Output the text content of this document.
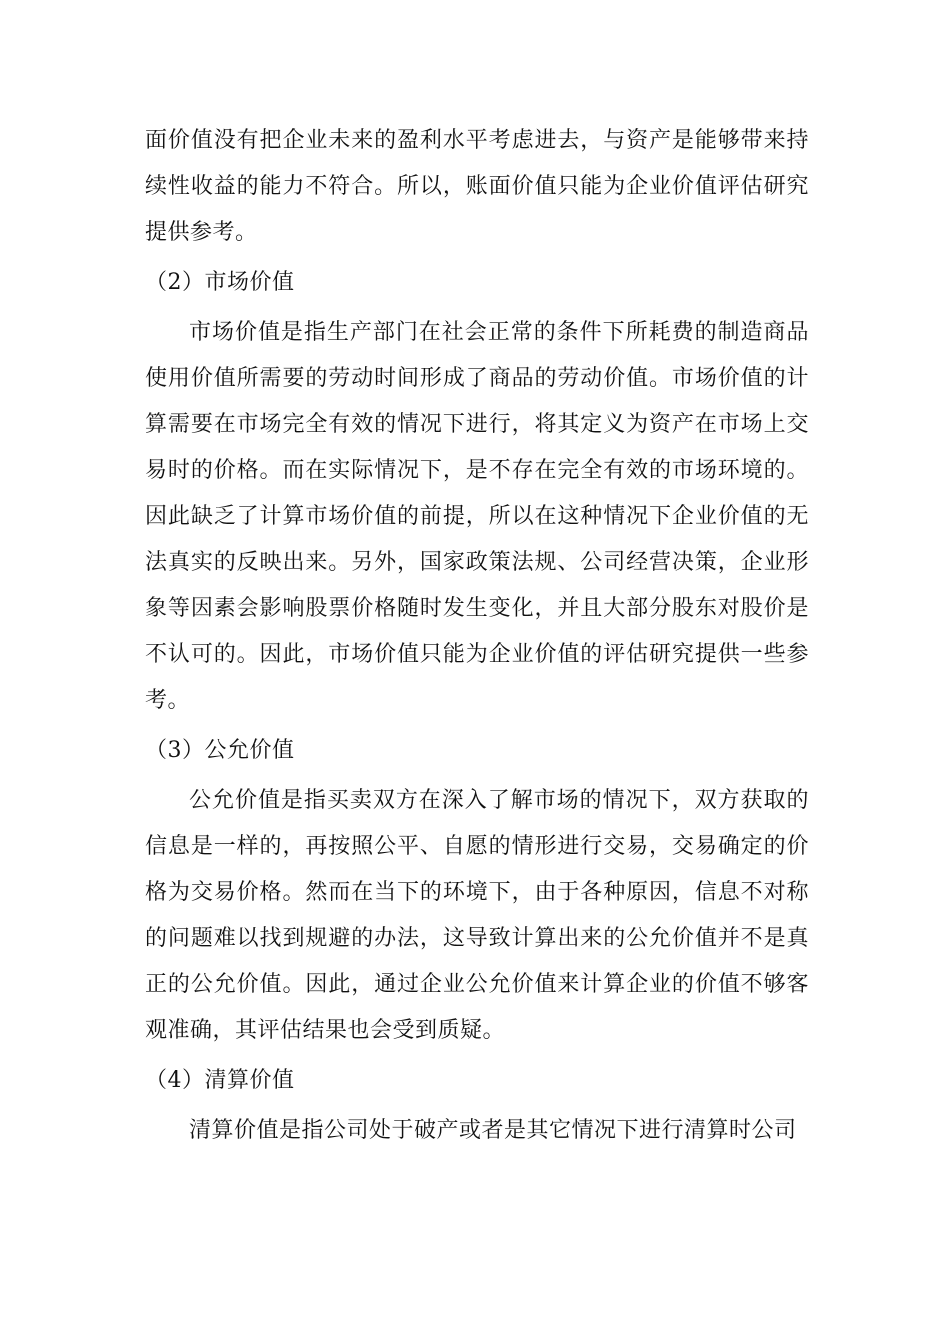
面价值没有把企业未来的盈利水平考虑进去，与资产是能够带来持续性收益的能力不符合。所以，账面价值只能为企业价值评估研究提供参考。

（2）市场价值

市场价值是指生产部门在社会正常的条件下所耗费的制造商品使用价值所需要的劳动时间形成了商品的劳动价值。市场价值的计算需要在市场完全有效的情况下进行，将其定义为资产在市场上交易时的价格。而在实际情况下，是不存在完全有效的市场环境的。因此缺乏了计算市场价值的前提，所以在这种情况下企业价值的无法真实的反映出来。另外，国家政策法规、公司经营决策，企业形象等因素会影响股票价格随时发生变化，并且大部分股东对股价是不认可的。因此，市场价值只能为企业价值的评估研究提供一些参考。

（3）公允价值

公允价值是指买卖双方在深入了解市场的情况下，双方获取的信息是一样的，再按照公平、自愿的情形进行交易，交易确定的价格为交易价格。然而在当下的环境下，由于各种原因，信息不对称的问题难以找到规避的办法，这导致计算出来的公允价值并不是真正的公允价值。因此，通过企业公允价值来计算企业的价值不够客观准确，其评估结果也会受到质疑。

（4）清算价值

清算价值是指公司处于破产或者是其它情况下进行清算时公司
